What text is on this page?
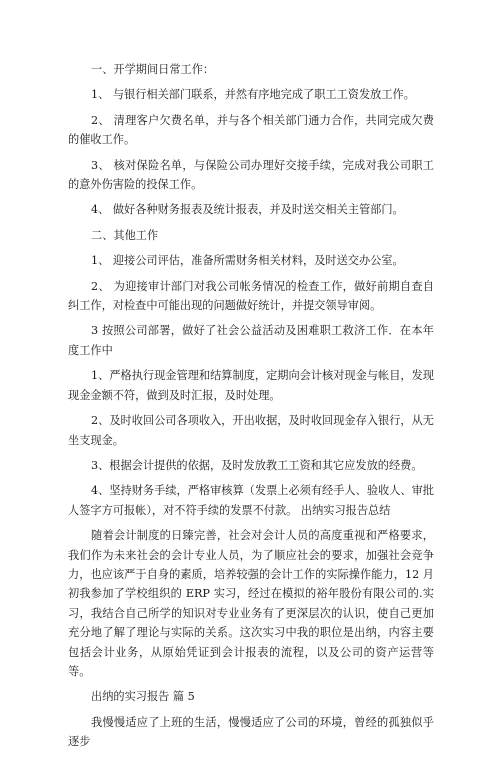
一、开学期间日常工作：
1、 与银行相关部门联系，并然有序地完成了职工工资发放工作。
2、 清理客户欠费名单，并与各个相关部门通力合作，共同完成欠费的催收工作。
3、 核对保险名单，与保险公司办理好交接手续，完成对我公司职工的意外伤害险的投保工作。
4、 做好各种财务报表及统计报表，并及时送交相关主管部门。
二、其他工作
1、 迎接公司评估，准备所需财务相关材料，及时送交办公室。
2、 为迎接审计部门对我公司帐务情况的检查工作，做好前期自查自纠工作，对检查中可能出现的问题做好统计，并提交领导审阅。
3 按照公司部署，做好了社会公益活动及困难职工救济工作．在本年度工作中
1、严格执行现金管理和结算制度，定期向会计核对现金与帐目，发现现金金额不符，做到及时汇报，及时处理。
2、及时收回公司各项收入，开出收据，及时收回现金存入银行，从无坐支现金。
3、根据会计提供的依据，及时发放教工工资和其它应发放的经费。
4、坚持财务手续，严格审核算（发票上必须有经手人、验收人、审批人签字方可报帐），对不符手续的发票不付款。 出纳实习报告总结
随着会计制度的日臻完善，社会对会计人员的高度重视和严格要求，我们作为未来社会的会计专业人员，为了顺应社会的要求，加强社会竞争力，也应该严于自身的素质，培养较强的会计工作的实际操作能力，12 月初我参加了学校组织的 ERP 实习，经过在模拟的裕年股份有限公司的.实习，我结合自己所学的知识对专业业务有了更深层次的认识，使自己更加充分地了解了理论与实际的关系。这次实习中我的职位是出纳，内容主要包括会计业务，从原始凭证到会计报表的流程，以及公司的资产运营等等。
出纳的实习报告 篇 5
我慢慢适应了上班的生活，慢慢适应了公司的环境，曾经的孤独似乎逐步
